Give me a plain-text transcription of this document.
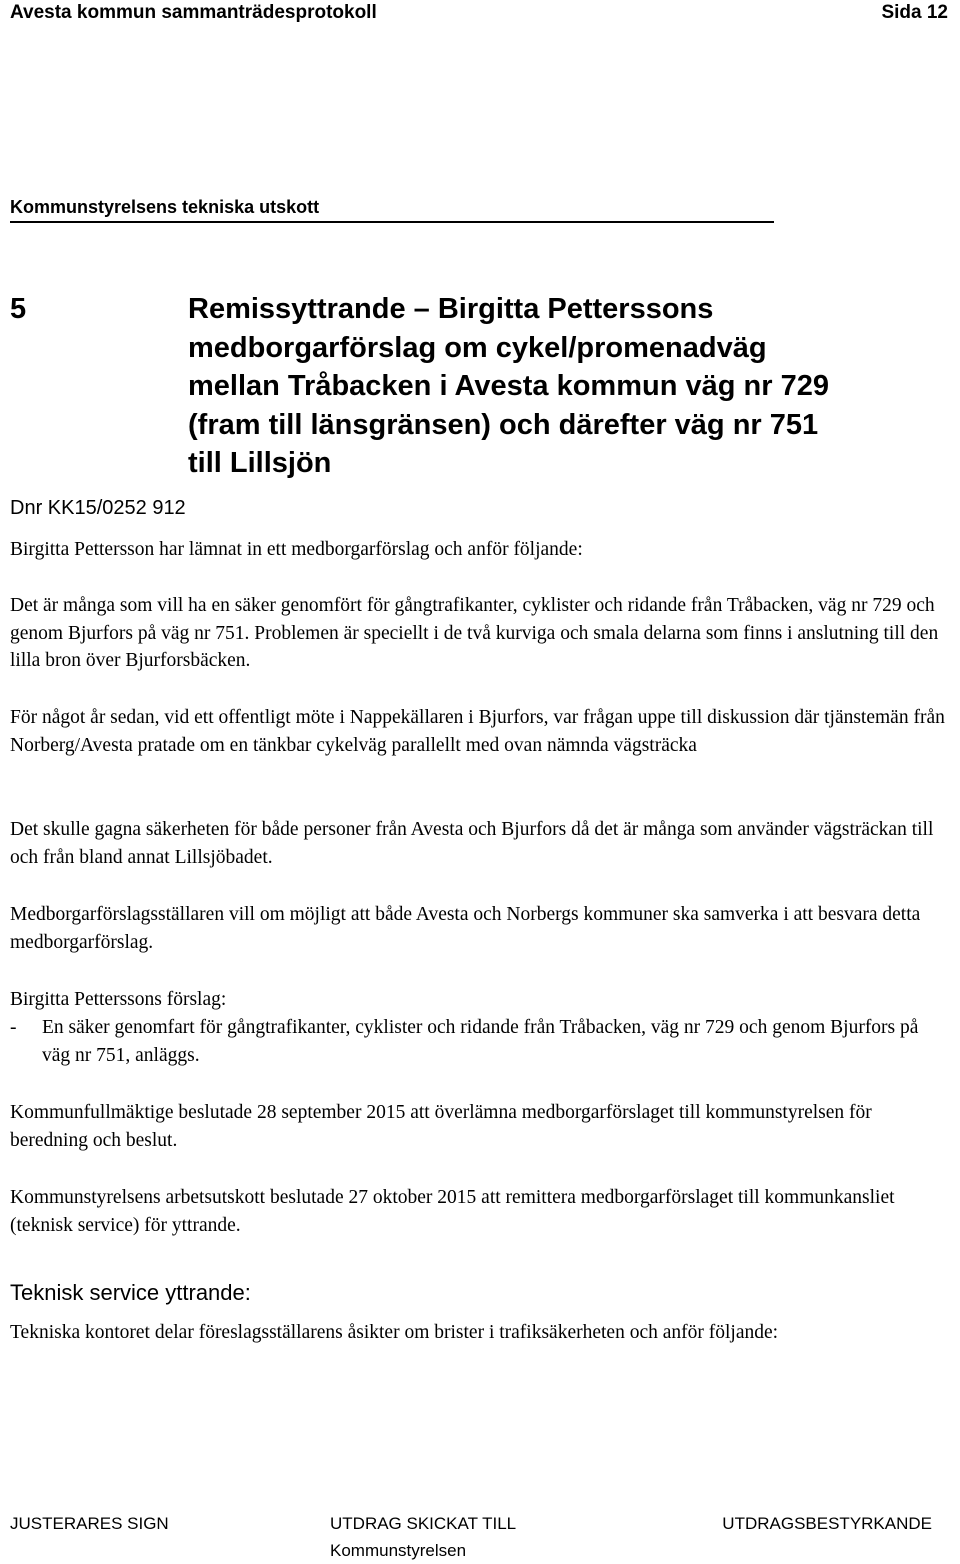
Avesta kommun sammanträdesprotokoll	Sida 12
Kommunstyrelsens tekniska utskott
5	Remissyttrande – Birgitta Petterssons
medborgarförslag om cykel/promenadväg
mellan Tråbacken i Avesta kommun väg nr 729
(fram till länsgränsen) och därefter väg nr 751
till Lillsjön
Dnr KK15/0252 912

Birgitta Pettersson har lämnat in ett medborgarförslag och anför följande:

Det är många som vill ha en säker genomfört för gångtrafikanter, cyklister och ridande från Tråbacken, väg nr 729 och genom Bjurfors på väg nr 751. Problemen är speciellt i de två kurviga och smala delarna som finns i anslutning till den lilla bron över Bjurforsbäcken.

För något år sedan, vid ett offentligt möte i Nappekällaren i Bjurfors, var frågan uppe till diskussion där tjänstemän från Norberg/Avesta pratade om en tänkbar cykelväg parallellt med ovan nämnda vägsträcka

Det skulle gagna säkerheten för både personer från Avesta och Bjurfors då det är många som använder vägsträckan till och från bland annat Lillsjöbadet.

Medborgarförslagsställaren vill om möjligt att både Avesta och Norbergs kommuner ska samverka i att besvara detta medborgarförslag.

Birgitta Petterssons förslag:

-	En säker genomfart för gångtrafikanter, cyklister och ridande från Tråbacken, väg nr 729 och genom Bjurfors på väg nr 751, anläggs.

Kommunfullmäktige beslutade 28 september 2015 att överlämna medborgarförslaget till kommunstyrelsen för beredning och beslut.

Kommunstyrelsens arbetsutskott beslutade 27 oktober 2015 att remittera medborgarförslaget till kommunkansliet (teknisk service) för yttrande.

Teknisk service yttrande:

Tekniska kontoret delar föreslagsställarens åsikter om brister i trafiksäkerheten och anför följande:

JUSTERARES SIGN	UTDRAG SKICKAT TILL
Kommunstyrelsen
UTDRAGSBESTYRKANDE
